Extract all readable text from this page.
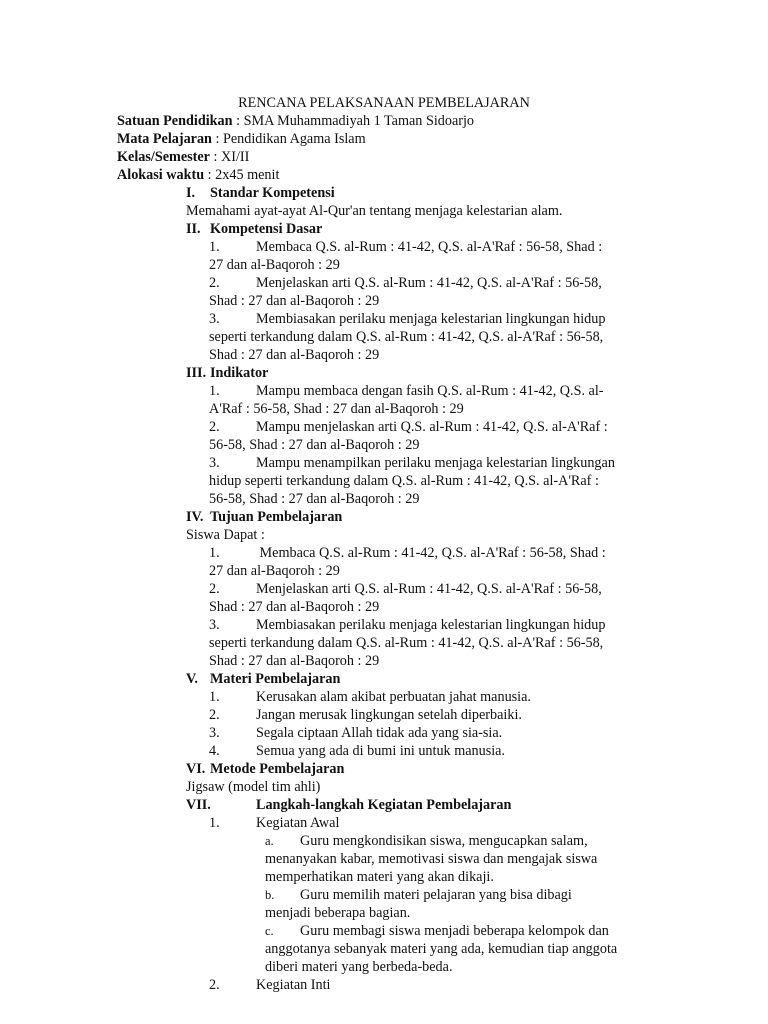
RENCANA PELAKSANAAN PEMBELAJARAN
Satuan Pendidikan : SMA Muhammadiyah 1 Taman Sidoarjo
Mata Pelajaran : Pendidikan Agama Islam
Kelas/Semester : XI/II
Alokasi waktu : 2x45 menit
I. Standar Kompetensi
Memahami ayat-ayat Al-Qur'an tentang menjaga kelestarian alam.
II. Kompetensi Dasar
1.	Membaca Q.S. al-Rum : 41-42, Q.S. al-A'Raf : 56-58, Shad :
27 dan al-Baqoroh : 29
2.	Menjelaskan arti Q.S. al-Rum : 41-42, Q.S. al-A'Raf : 56-58,
Shad : 27 dan al-Baqoroh : 29
3.	Membiasakan perilaku menjaga kelestarian lingkungan hidup
seperti terkandung dalam Q.S. al-Rum : 41-42, Q.S. al-A'Raf : 56-58,
Shad : 27 dan al-Baqoroh : 29
III. Indikator
1.	Mampu membaca dengan fasih Q.S. al-Rum : 41-42, Q.S. al-
A'Raf : 56-58, Shad : 27 dan al-Baqoroh : 29
2.	Mampu menjelaskan arti Q.S. al-Rum : 41-42, Q.S. al-A'Raf :
56-58, Shad : 27 dan al-Baqoroh : 29
3.	Mampu menampilkan perilaku menjaga kelestarian lingkungan
hidup seperti terkandung dalam Q.S. al-Rum : 41-42, Q.S. al-A'Raf :
56-58, Shad : 27 dan al-Baqoroh : 29
IV. Tujuan Pembelajaran
Siswa Dapat :
1.	Membaca Q.S. al-Rum : 41-42, Q.S. al-A'Raf : 56-58, Shad :
27 dan al-Baqoroh : 29
2.	Menjelaskan arti Q.S. al-Rum : 41-42, Q.S. al-A'Raf : 56-58,
Shad : 27 dan al-Baqoroh : 29
3.	Membiasakan perilaku menjaga kelestarian lingkungan hidup
seperti terkandung dalam Q.S. al-Rum : 41-42, Q.S. al-A'Raf : 56-58,
Shad : 27 dan al-Baqoroh : 29
V. Materi Pembelajaran
1.	Kerusakan alam akibat perbuatan jahat manusia.
2.	Jangan merusak lingkungan setelah diperbaiki.
3.	Segala ciptaan Allah tidak ada yang sia-sia.
4.	Semua yang ada di bumi ini untuk manusia.
VI. Metode Pembelajaran
Jigsaw (model tim ahli)
VII.	Langkah-langkah Kegiatan Pembelajaran
1.	Kegiatan Awal
a. Guru mengkondisikan siswa, mengucapkan salam,
menanyakan kabar, memotivasi siswa dan mengajak siswa
memperhatikan materi yang akan dikaji.
b. Guru memilih materi pelajaran yang bisa dibagi
menjadi beberapa bagian.
c. Guru membagi siswa menjadi beberapa kelompok dan
anggotanya sebanyak materi yang ada, kemudian tiap anggota
diberi materi yang berbeda-beda.
2.	Kegiatan Inti
